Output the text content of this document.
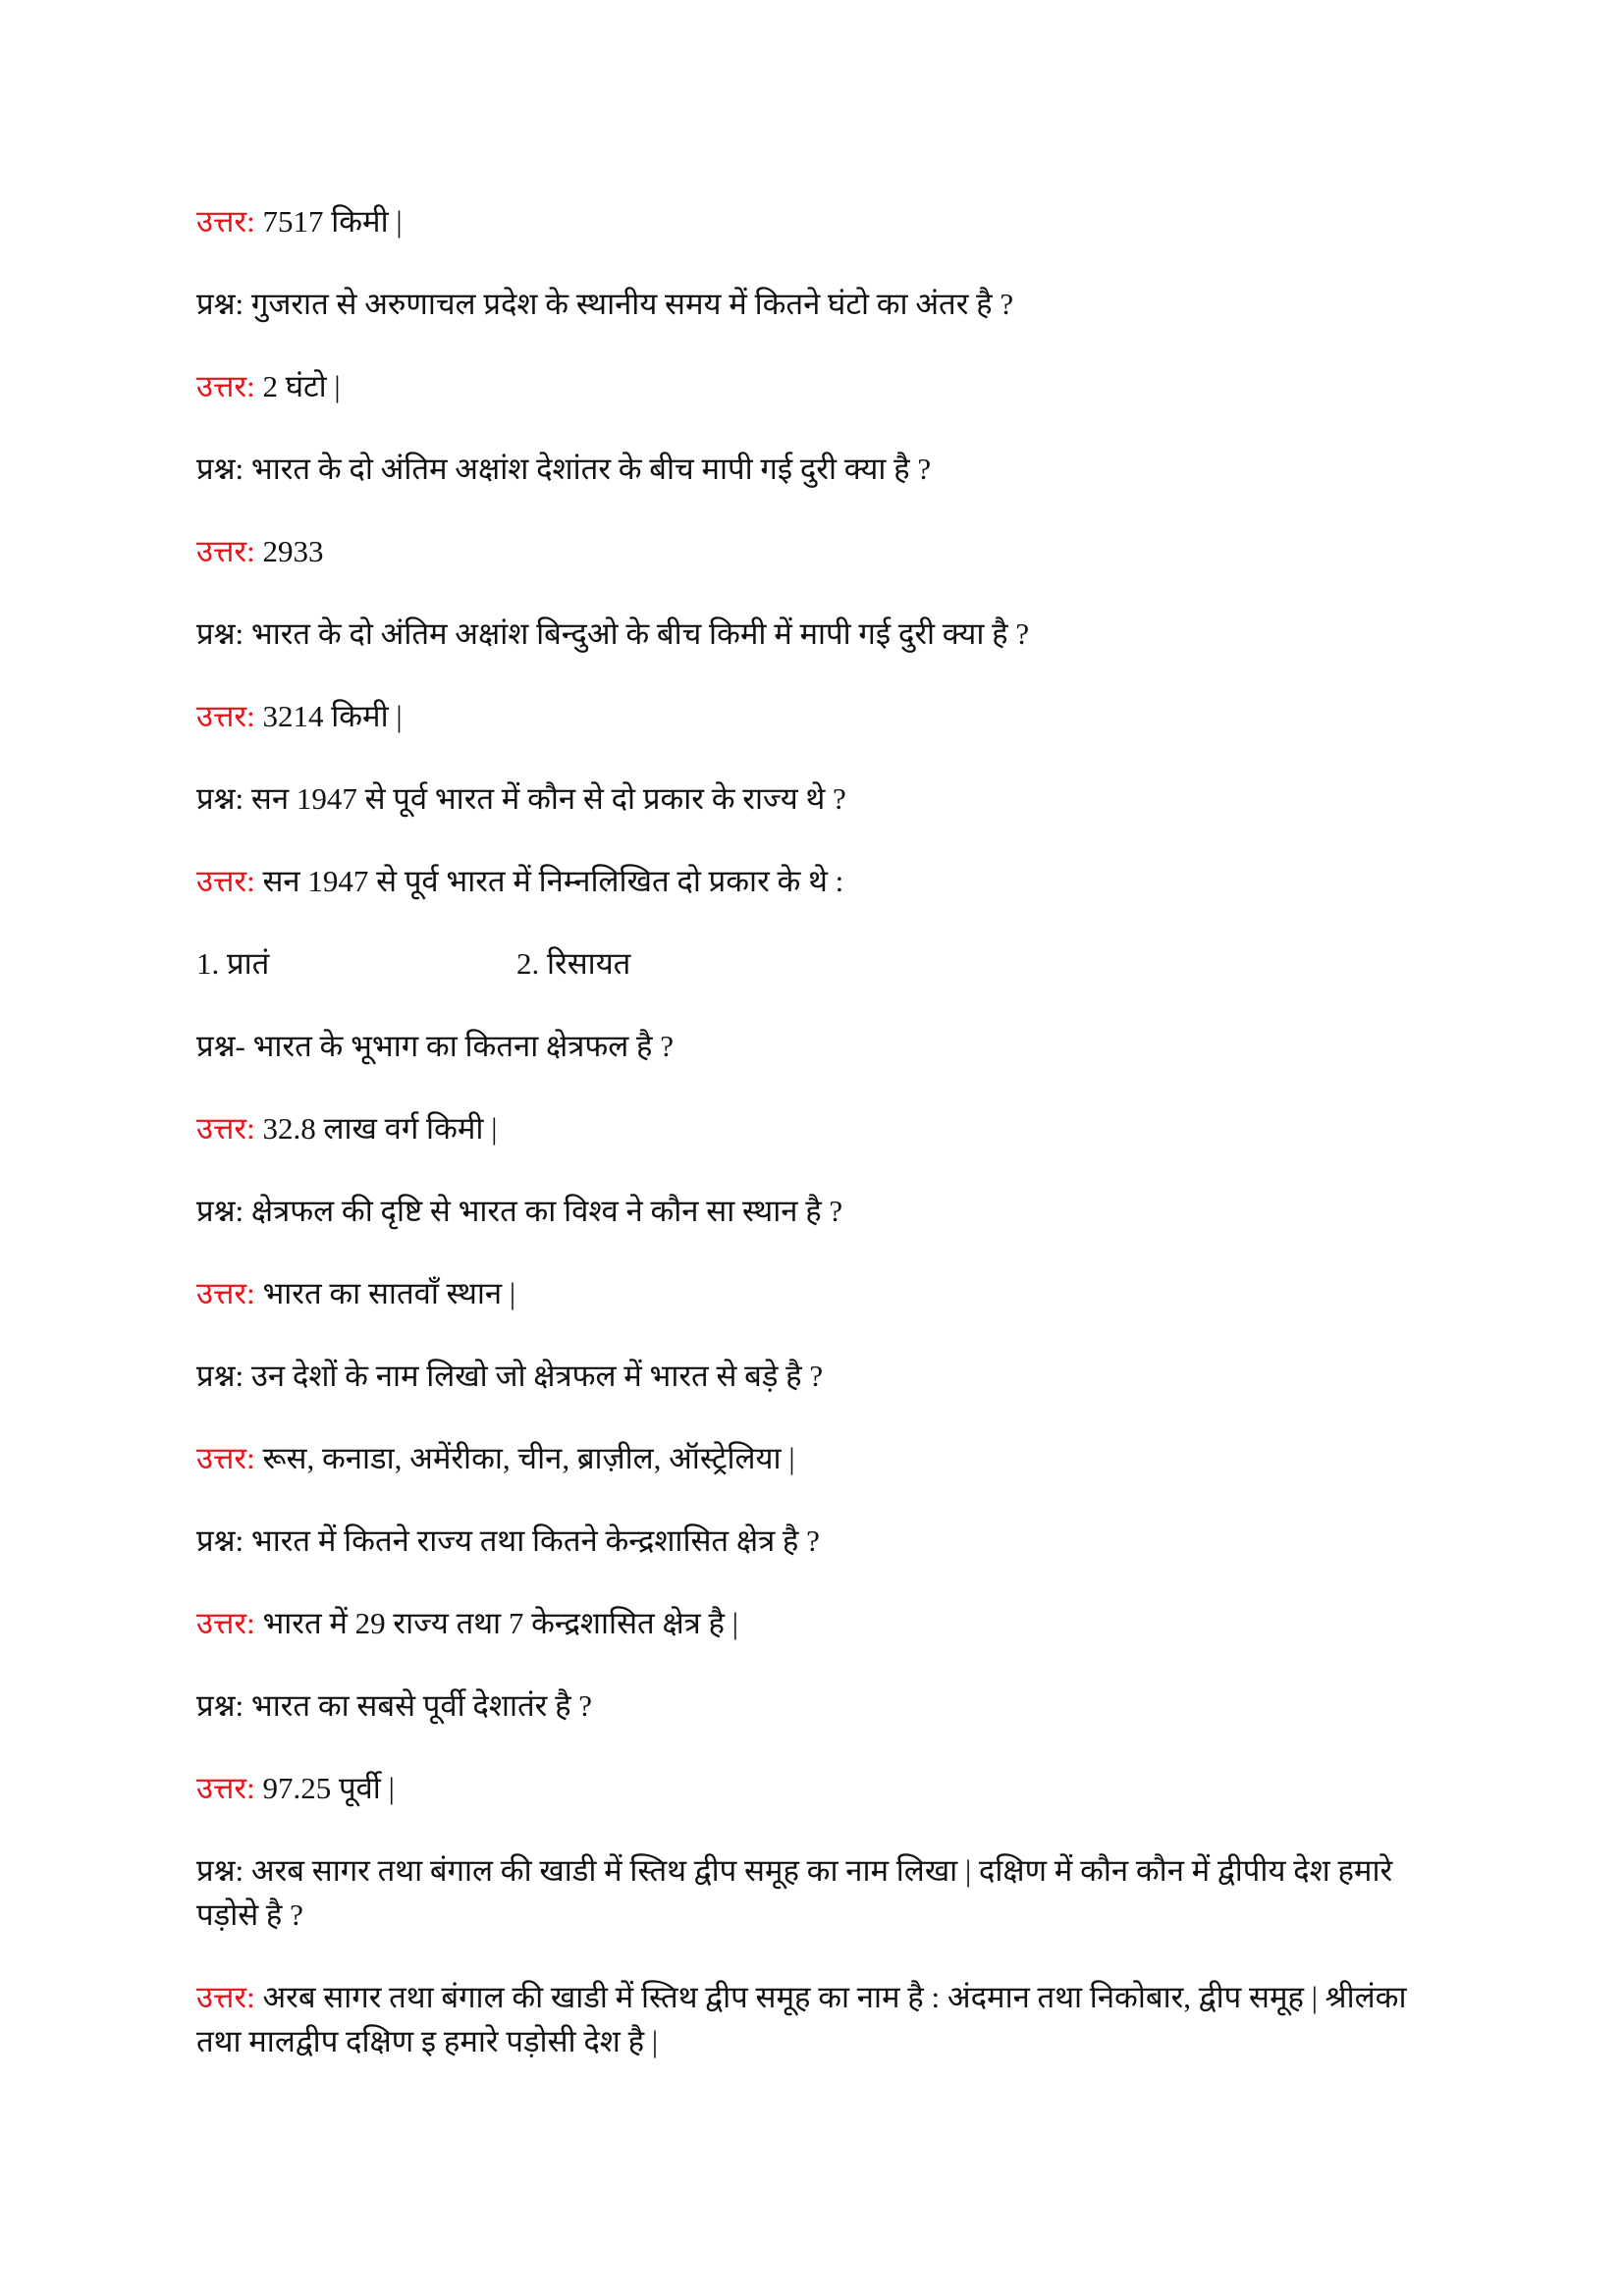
उत्तर: 7517 किमी |

प्रश्न: गुजरात से अरुणाचल प्रदेश के स्थानीय समय में कितने घंटो का अंतर है ?

उत्तर: 2 घंटो |

प्रश्न: भारत के दो अंतिम अक्षांश देशांतर के बीच मापी गई दुरी क्या है ?

उत्तर: 2933

प्रश्न: भारत के दो अंतिम अक्षांश बिन्दुओ के बीच किमी में मापी गई दुरी क्या है ?

उत्तर: 3214 किमी |

प्रश्न: सन 1947 से पूर्व भारत में कौन से दो प्रकार के राज्य थे ?

उत्तर: सन 1947 से पूर्व भारत में निम्नलिखित दो प्रकार के थे :

1. प्रातं	2. रिसायत

प्रश्न- भारत के भूभाग का कितना क्षेत्रफल है ?

उत्तर: 32.8 लाख वर्ग किमी |

प्रश्न: क्षेत्रफल की दृष्टि से भारत का विश्व ने कौन सा स्थान है ?

उत्तर: भारत का सातवाँ स्थान |

प्रश्न: उन देशों के नाम लिखो जो क्षेत्रफल में भारत से बड़े है ?

उत्तर: रूस, कनाडा, अमेंरीका, चीन, ब्राज़ील, ऑस्ट्रेलिया |

प्रश्न: भारत में कितने राज्य तथा कितने केन्द्रशासित क्षेत्र है ?

उत्तर: भारत में 29 राज्य तथा 7 केन्द्रशासित क्षेत्र है |

प्रश्न: भारत का सबसे पूर्वी देशातंर है ?

उत्तर: 97.25 पूर्वी |

प्रश्न: अरब सागर तथा बंगाल की खाडी में स्तिथ द्वीप समूह का नाम लिखा | दक्षिण में कौन कौन में द्वीपीय देश हमारे पड़ोसे है ?

उत्तर: अरब सागर तथा बंगाल की खाडी में स्तिथ द्वीप समूह का नाम है : अंदमान तथा निकोबार, द्वीप समूह | श्रीलंका तथा मालद्वीप दक्षिण इ हमारे पड़ोसी देश है |
